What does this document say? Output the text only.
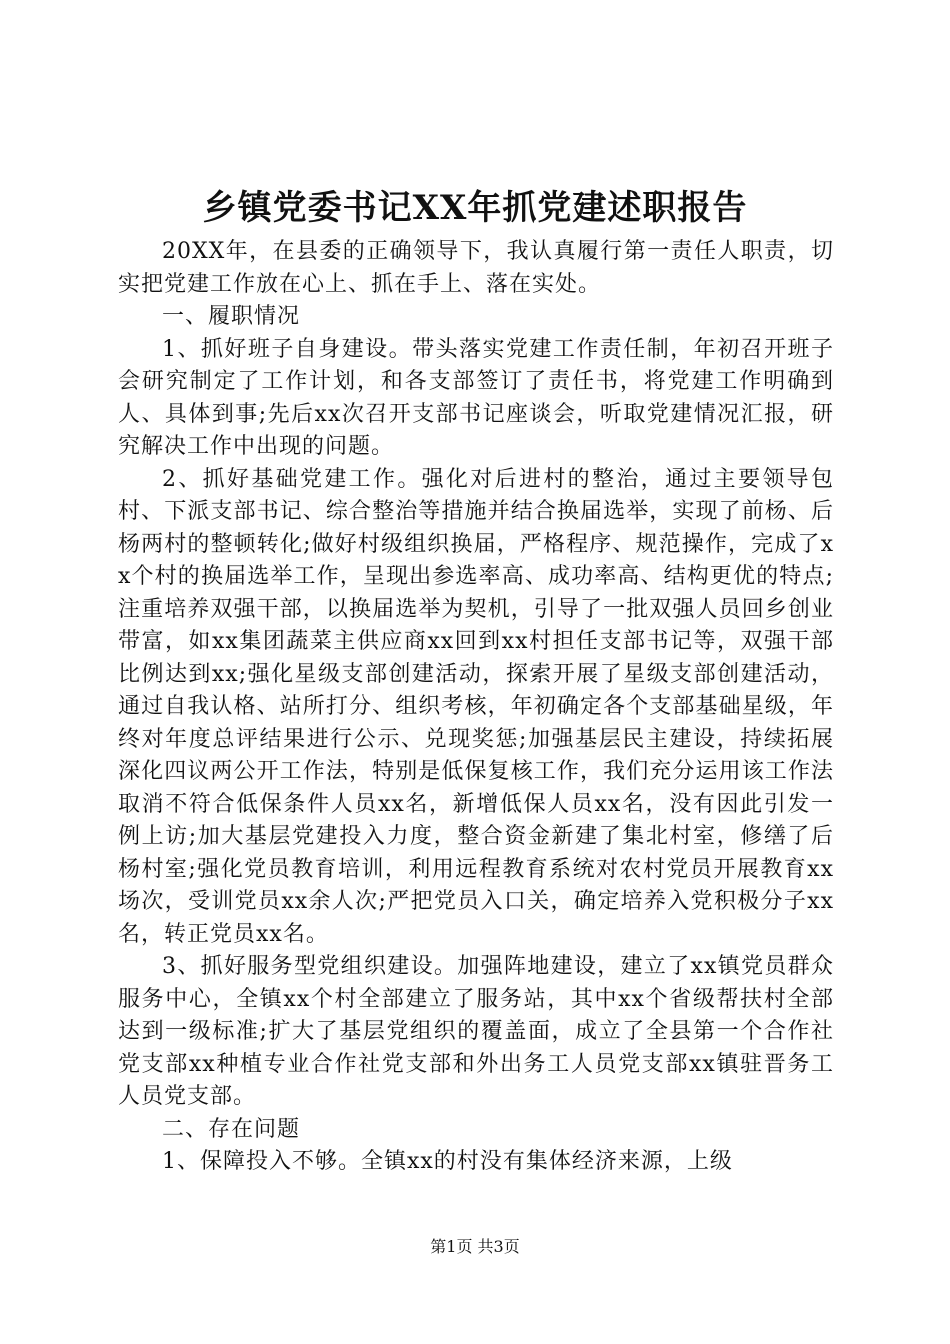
乡镇党委书记XX年抓党建述职报告

20XX年，在县委的正确领导下，我认真履行第一责任人职责，切实把党建工作放在心上、抓在手上、落在实处。

一、履职情况

1、抓好班子自身建设。带头落实党建工作责任制，年初召开班子会研究制定了工作计划，和各支部签订了责任书，将党建工作明确到人、具体到事;先后xx次召开支部书记座谈会，听取党建情况汇报，研究解决工作中出现的问题。

2、抓好基础党建工作。强化对后进村的整治，通过主要领导包村、下派支部书记、综合整治等措施并结合换届选举，实现了前杨、后杨两村的整顿转化;做好村级组织换届，严格程序、规范操作，完成了xx个村的换届选举工作，呈现出参选率高、成功率高、结构更优的特点;注重培养双强干部，以换届选举为契机，引导了一批双强人员回乡创业带富，如xx集团蔬菜主供应商xx回到xx村担任支部书记等，双强干部比例达到xx;强化星级支部创建活动，探索开展了星级支部创建活动，通过自我认格、站所打分、组织考核，年初确定各个支部基础星级，年终对年度总评结果进行公示、兑现奖惩;加强基层民主建设，持续拓展深化四议两公开工作法，特别是低保复核工作，我们充分运用该工作法取消不符合低保条件人员xx名，新增低保人员xx名，没有因此引发一例上访;加大基层党建投入力度，整合资金新建了集北村室，修缮了后杨村室;强化党员教育培训，利用远程教育系统对农村党员开展教育xx场次，受训党员xx余人次;严把党员入口关，确定培养入党积极分子xx名，转正党员xx名。

3、抓好服务型党组织建设。加强阵地建设，建立了xx镇党员群众服务中心，全镇xx个村全部建立了服务站，其中xx个省级帮扶村全部达到一级标准;扩大了基层党组织的覆盖面，成立了全县第一个合作社党支部xx种植专业合作社党支部和外出务工人员党支部xx镇驻晋务工人员党支部。

二、存在问题

1、保障投入不够。全镇xx的村没有集体经济来源，上级

第1页 共3页
